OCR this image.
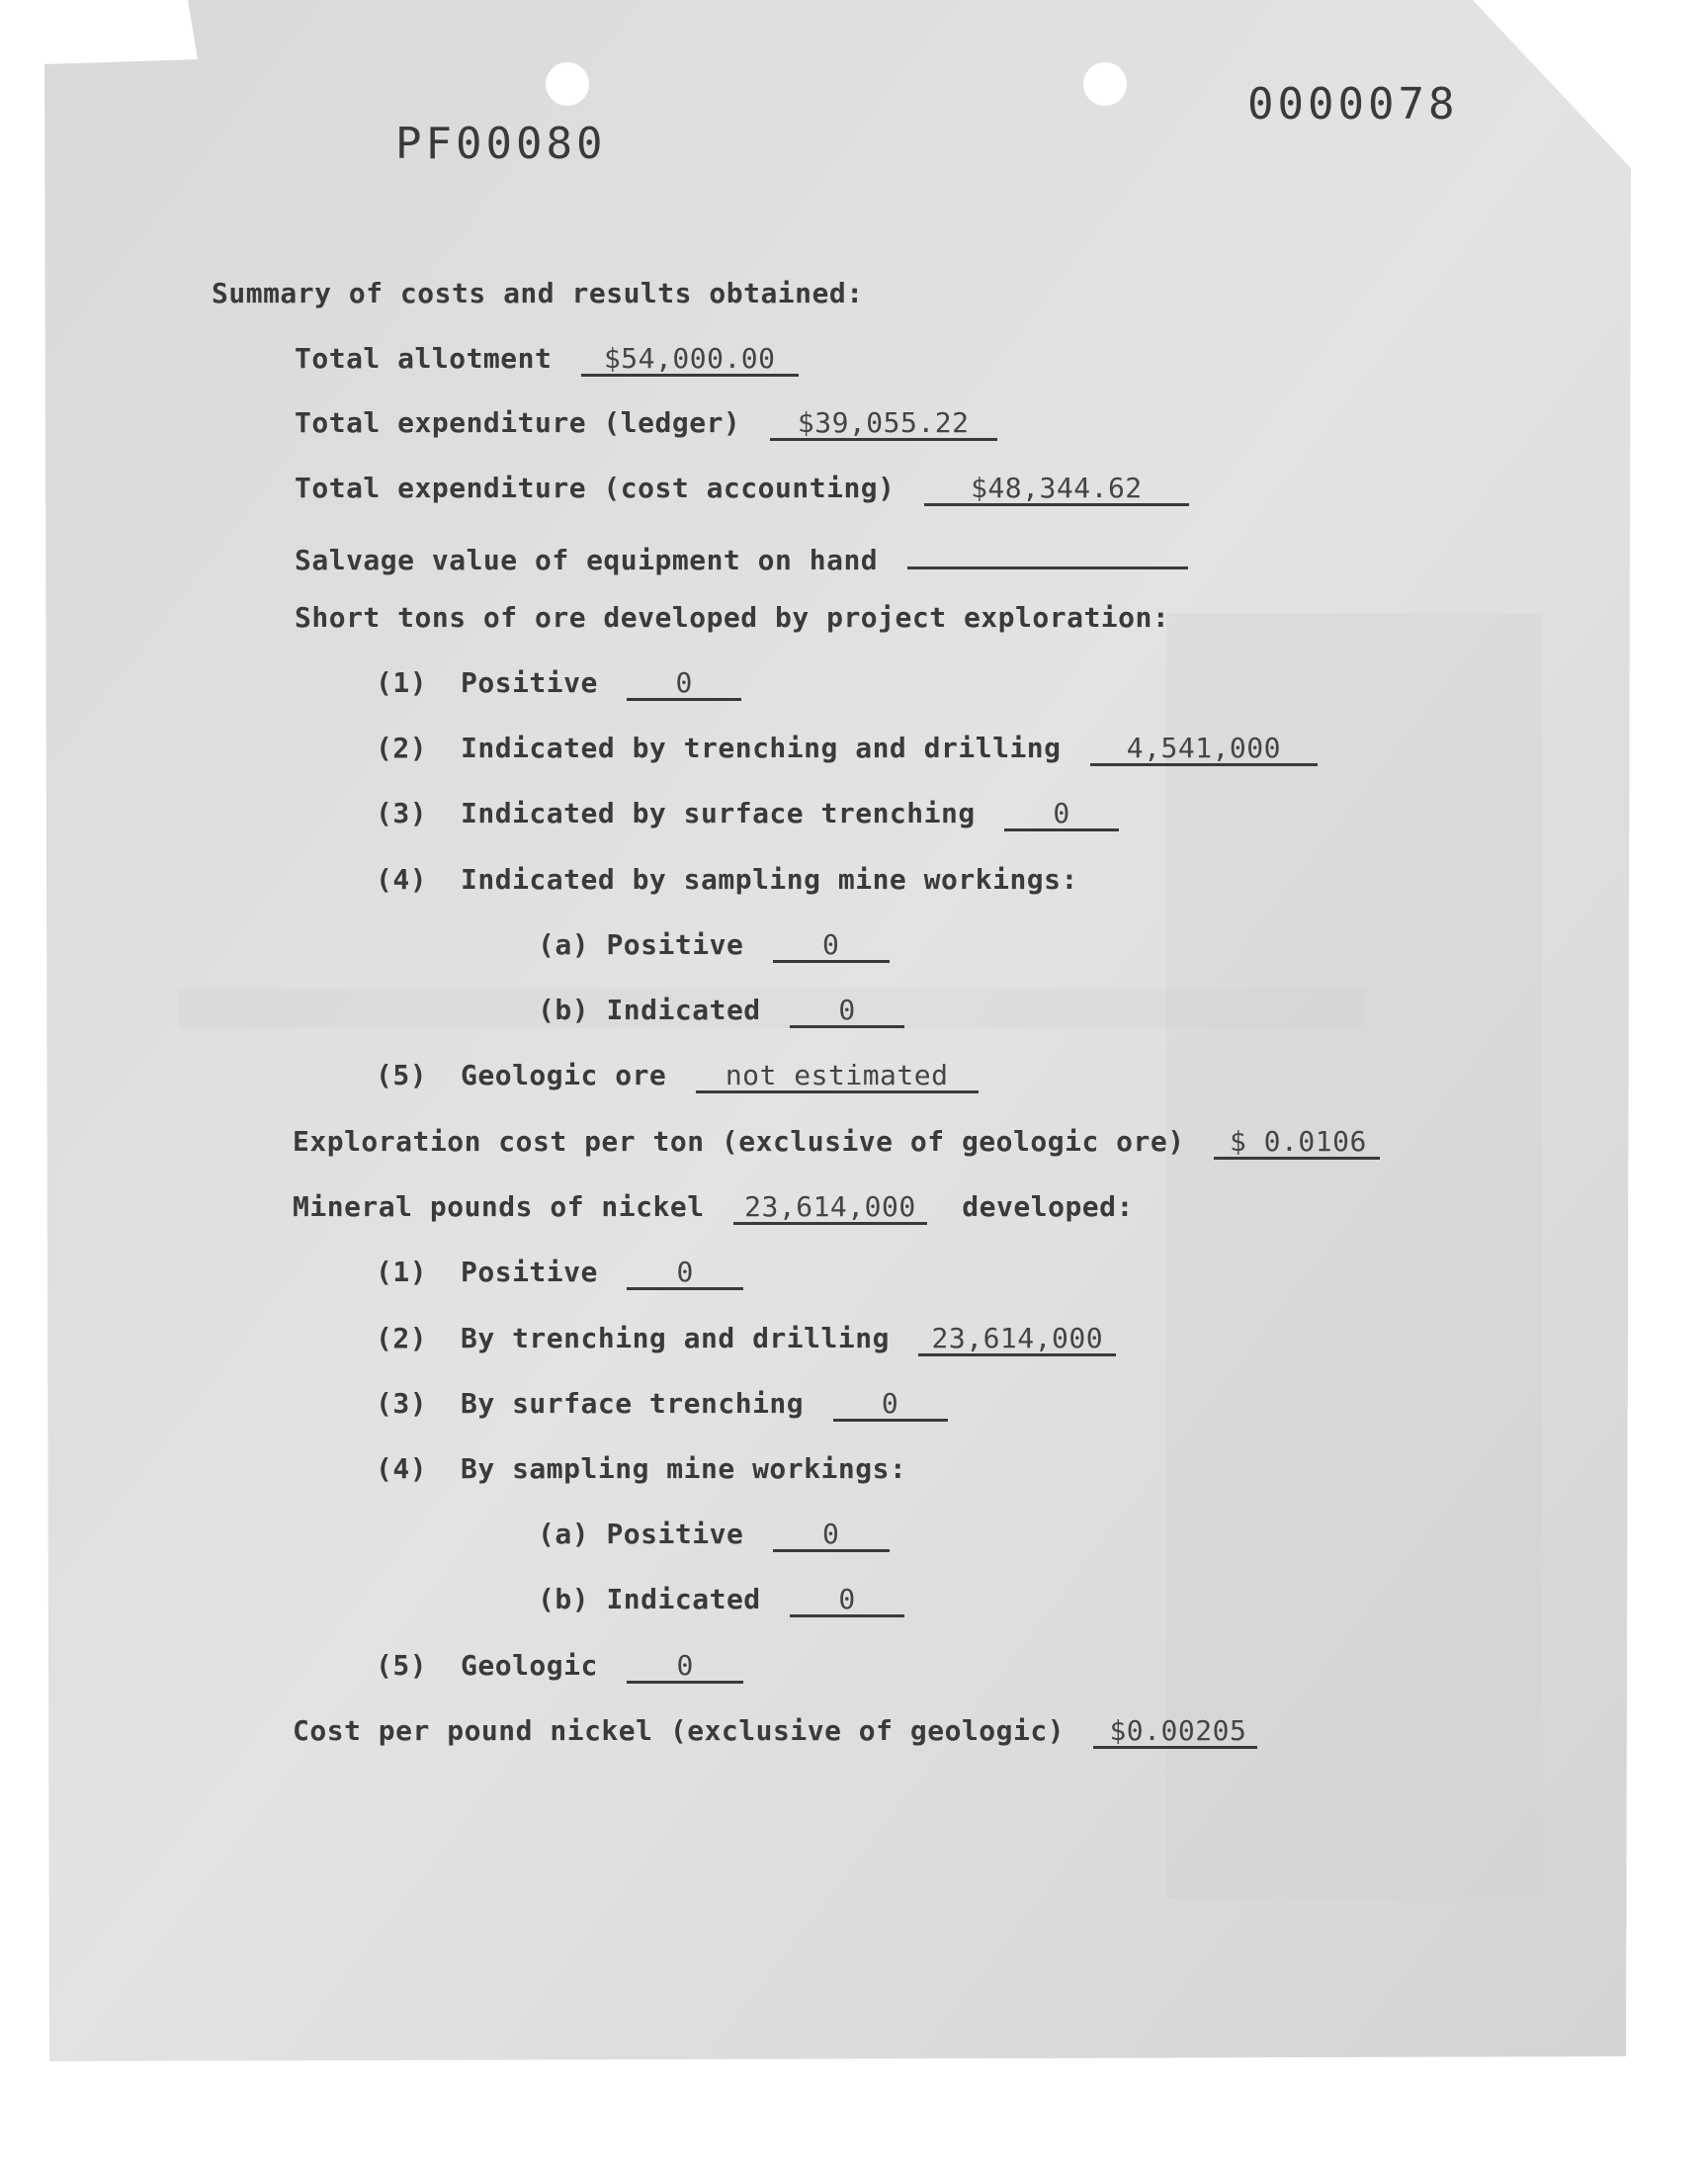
PF00080
0000078
Summary of costs and results obtained:
Total allotment $54,000.00
Total expenditure (ledger) $39,055.22
Total expenditure (cost accounting)	$48,344.62
Salvage value of equipment on hand
Short tons of ore developed by project exploration:
(1) Positive	0
(2) Indicated by trenching and drilling 4,541,000
(3) Indicated by surface trenching	0
(4) Indicated by sampling mine workings:
(a) Positive	0
(b) Indicated	0
(5) Geologic ore not estimated
Exploration cost per ton (exclusive of geologic ore) $ 0.0106
Mineral pounds of nickel 23,614,000 developed:
(1) Positive	0
(2) By trenching and drilling 23,614,000
(3) By surface trenching	0
(4) By sampling mine workings:
(a) Positive	0
(b) Indicated	0
(5) Geologic	0
Cost per pound nickel (exclusive of geologic) $0.00205
